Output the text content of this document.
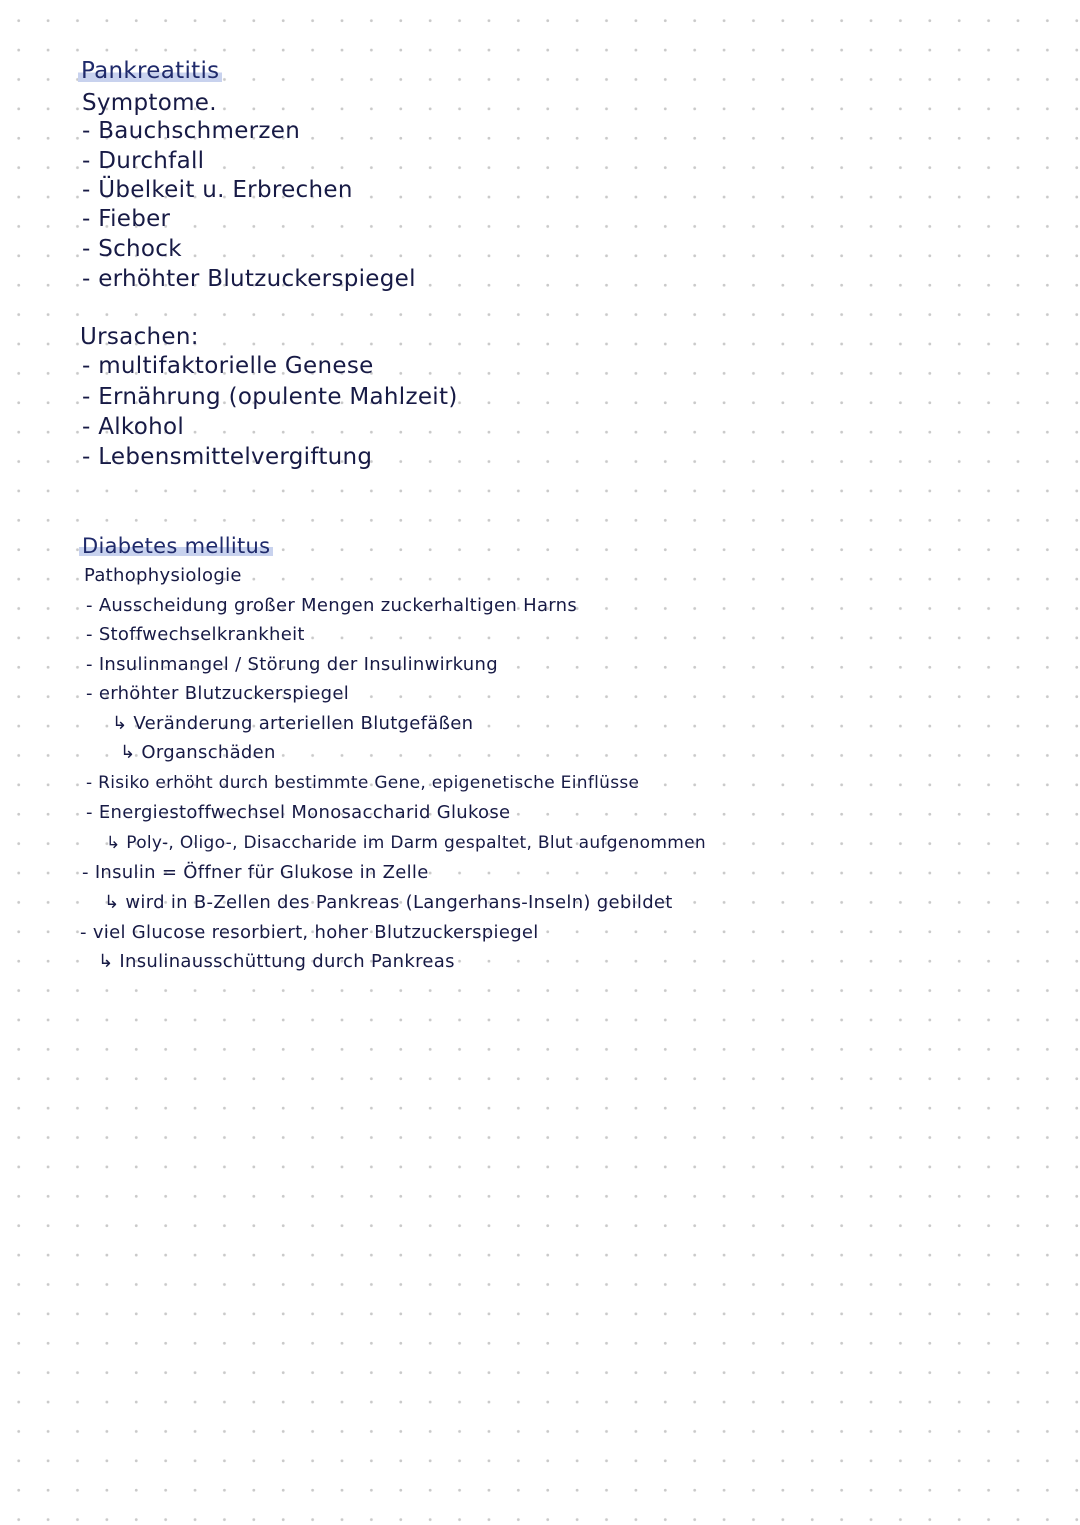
Pankreatitis
Symptome.
- Bauchschmerzen
- Durchfall
- Übelkeit u. Erbrechen
- Fieber
- Schock
- erhöhter Blutzuckerspiegel
Ursachen:
- multifaktorielle Genese
- Ernährung (opulente Mahlzeit)
- Alkohol
- Lebensmittelvergiftung
Diabetes mellitus
Pathophysiologie
- Ausscheidung großer Mengen zuckerhaltigen Harns
- Stoffwechselkrankheit
- Insulinmangel / Störung der Insulinwirkung
- erhöhter Blutzuckerspiegel
↳ Veränderung arteriellen Blutgefäßen
↳ Organschäden
- Risiko erhöht durch bestimmte Gene, epigenetische Einflüsse
- Energiestoffwechsel Monosaccharid Glukose
↳ Poly-, Oligo-, Disaccharide im Darm gespaltet, Blut aufgenommen
- Insulin = Öffner für Glukose in Zelle
↳ wird in B-Zellen des Pankreas (Langerhans-Inseln) gebildet
- viel Glucose resorbiert, hoher Blutzuckerspiegel
↳ Insulinausschüttung durch Pankreas
